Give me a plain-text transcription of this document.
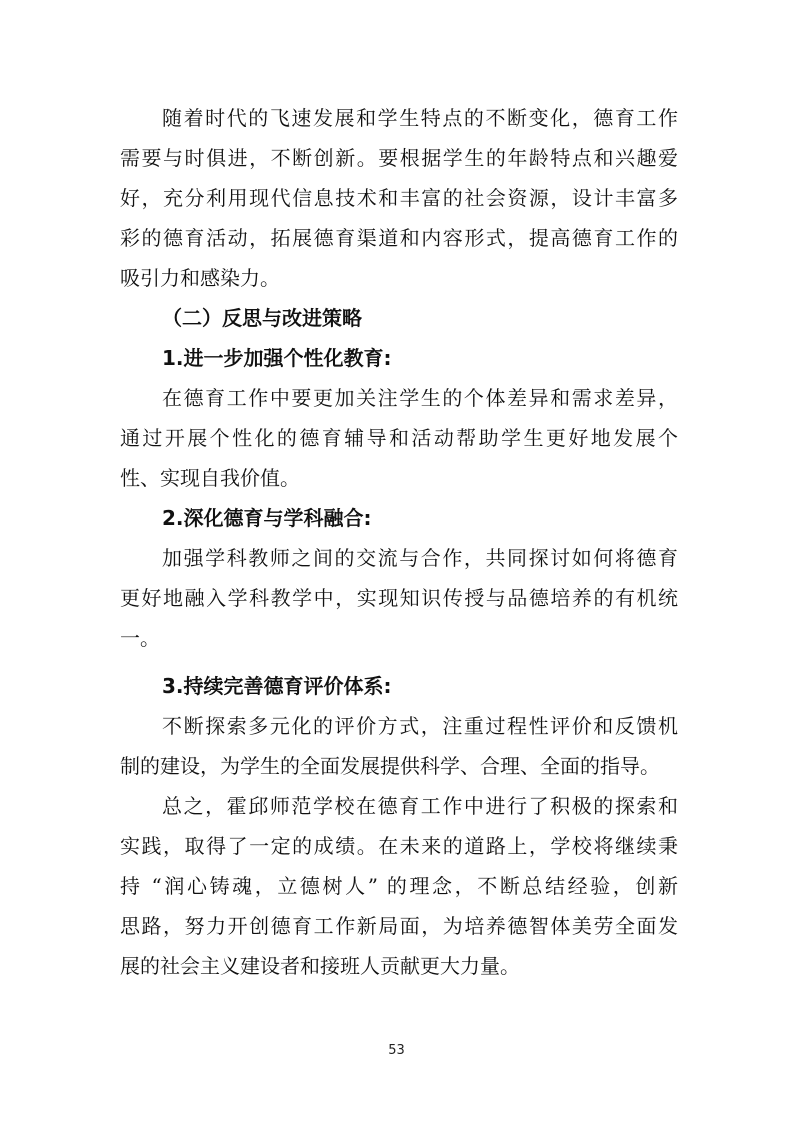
随着时代的飞速发展和学生特点的不断变化，德育工作
需要与时俱进，不断创新。要根据学生的年龄特点和兴趣爱
好，充分利用现代信息技术和丰富的社会资源，设计丰富多
彩的德育活动，拓展德育渠道和内容形式，提高德育工作的
吸引力和感染力。
（二）反思与改进策略
1.进一步加强个性化教育:
在德育工作中要更加关注学生的个体差异和需求差异，
通过开展个性化的德育辅导和活动帮助学生更好地发展个
性、实现自我价值。
2.深化德育与学科融合:
加强学科教师之间的交流与合作，共同探讨如何将德育
更好地融入学科教学中，实现知识传授与品德培养的有机统
一。
3.持续完善德育评价体系:
不断探索多元化的评价方式，注重过程性评价和反馈机
制的建设，为学生的全面发展提供科学、合理、全面的指导。
总之，霍邱师范学校在德育工作中进行了积极的探索和
实践，取得了一定的成绩。在未来的道路上，学校将继续秉
持 “润心铸魂，立德树人” 的理念，不断总结经验，创新
思路，努力开创德育工作新局面，为培养德智体美劳全面发
展的社会主义建设者和接班人贡献更大力量。
53
